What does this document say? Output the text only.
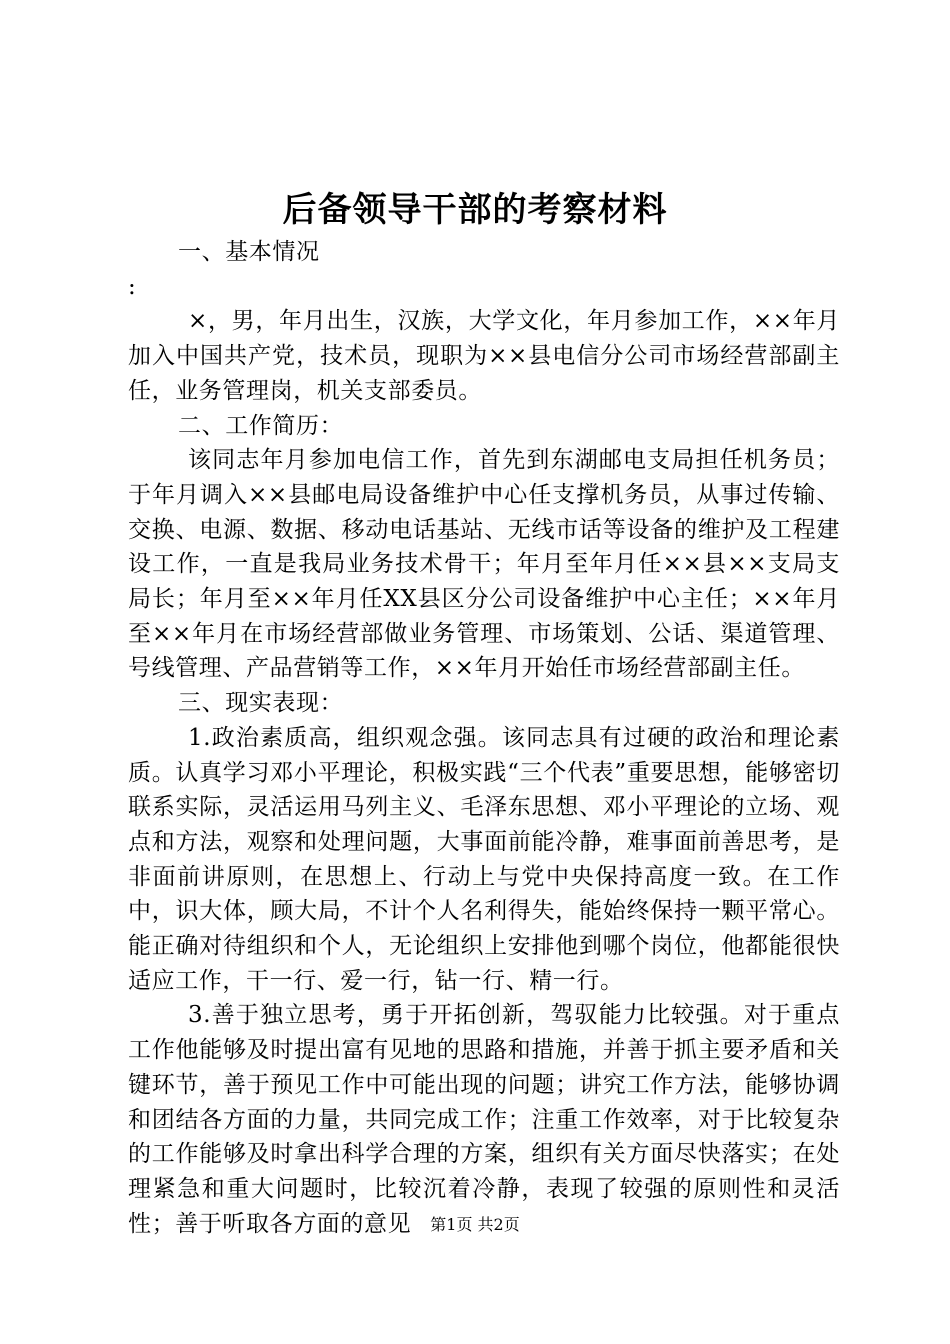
后备领导干部的考察材料

一、基本情况

:

×，男，年月出生，汉族，大学文化，年月参加工作，××年月加入中国共产党，技术员，现职为××县电信分公司市场经营部副主任，业务管理岗，机关支部委员。

二、工作简历：

该同志年月参加电信工作，首先到东湖邮电支局担任机务员；于年月调入××县邮电局设备维护中心任支撑机务员，从事过传输、交换、电源、数据、移动电话基站、无线市话等设备的维护及工程建设工作，一直是我局业务技术骨干；年月至年月任××县××支局支局长；年月至××年月任XX县区分公司设备维护中心主任；××年月至××年月在市场经营部做业务管理、市场策划、公话、渠道管理、号线管理、产品营销等工作，××年月开始任市场经营部副主任。

三、现实表现：

1.政治素质高，组织观念强。该同志具有过硬的政治和理论素质。认真学习邓小平理论，积极实践“三个代表”重要思想，能够密切联系实际，灵活运用马列主义、毛泽东思想、邓小平理论的立场、观点和方法，观察和处理问题，大事面前能冷静，难事面前善思考，是非面前讲原则，在思想上、行动上与党中央保持高度一致。在工作中，识大体，顾大局，不计个人名利得失，能始终保持一颗平常心。能正确对待组织和个人，无论组织上安排他到哪个岗位，他都能很快适应工作，干一行、爱一行，钻一行、精一行。

3.善于独立思考，勇于开拓创新，驾驭能力比较强。对于重点工作他能够及时提出富有见地的思路和措施，并善于抓主要矛盾和关键环节，善于预见工作中可能出现的问题；讲究工作方法，能够协调和团结各方面的力量，共同完成工作；注重工作效率，对于比较复杂的工作能够及时拿出科学合理的方案，组织有关方面尽快落实；在处理紧急和重大问题时，比较沉着冷静，表现了较强的原则性和灵活性；善于听取各方面的意见	第1页 共2页
